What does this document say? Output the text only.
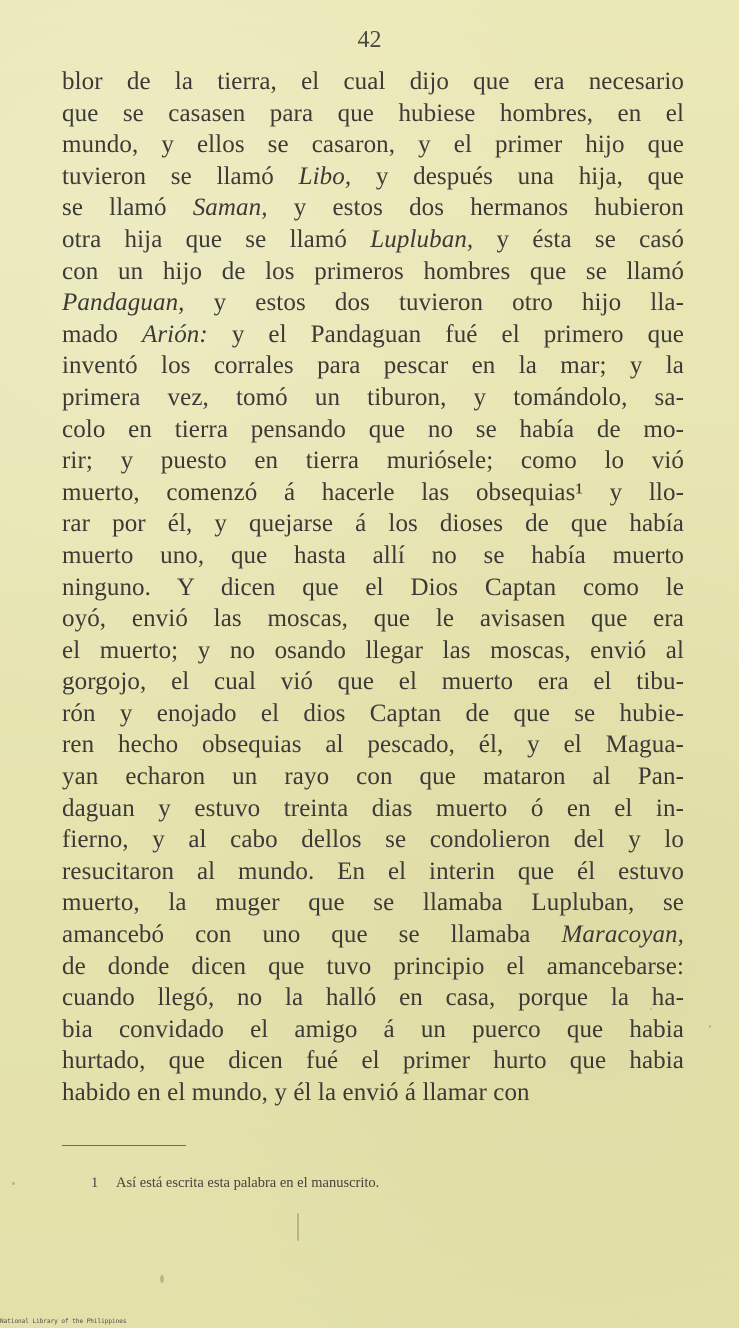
42
blor de la tierra, el cual dijo que era necesario
que se casasen para que hubiese hombres, en el
mundo, y ellos se casaron, y el primer hijo que
tuvieron se llamó Libo, y después una hija, que
se llamó Saman, y estos dos hermanos hubieron
otra hija que se llamó Lupluban, y ésta se casó
con un hijo de los primeros hombres que se llamó
Pandaguan, y estos dos tuvieron otro hijo lla-
mado Arión: y el Pandaguan fué el primero que
inventó los corrales para pescar en la mar; y la
primera vez, tomó un tiburon, y tomándolo, sa-
colo en tierra pensando que no se había de mo-
rir; y puesto en tierra muriósele; como lo vió
muerto, comenzó á hacerle las obsequias¹ y llo-
rar por él, y quejarse á los dioses de que había
muerto uno, que hasta allí no se había muerto
ninguno. Y dicen que el Dios Captan como le
oyó, envió las moscas, que le avisasen que era
el muerto; y no osando llegar las moscas, envió al
gorgojo, el cual vió que el muerto era el tibu-
rón y enojado el dios Captan de que se hubie-
ren hecho obsequias al pescado, él, y el Magua-
yan echaron un rayo con que mataron al Pan-
daguan y estuvo treinta dias muerto ó en el in-
fierno, y al cabo dellos se condolieron del y lo
resucitaron al mundo. En el interin que él estuvo
muerto, la muger que se llamaba Lupluban, se
amancebó con uno que se llamaba Maracoyan,
de donde dicen que tuvo principio el amancebarse:
cuando llegó, no la halló en casa, porque la ha-
bia convidado el amigo á un puerco que habia
hurtado, que dicen fué el primer hurto que habia
habido en el mundo, y él la envió á llamar con
1 Así está escrita esta palabra en el manuscrito.
National Library of the Philippines
